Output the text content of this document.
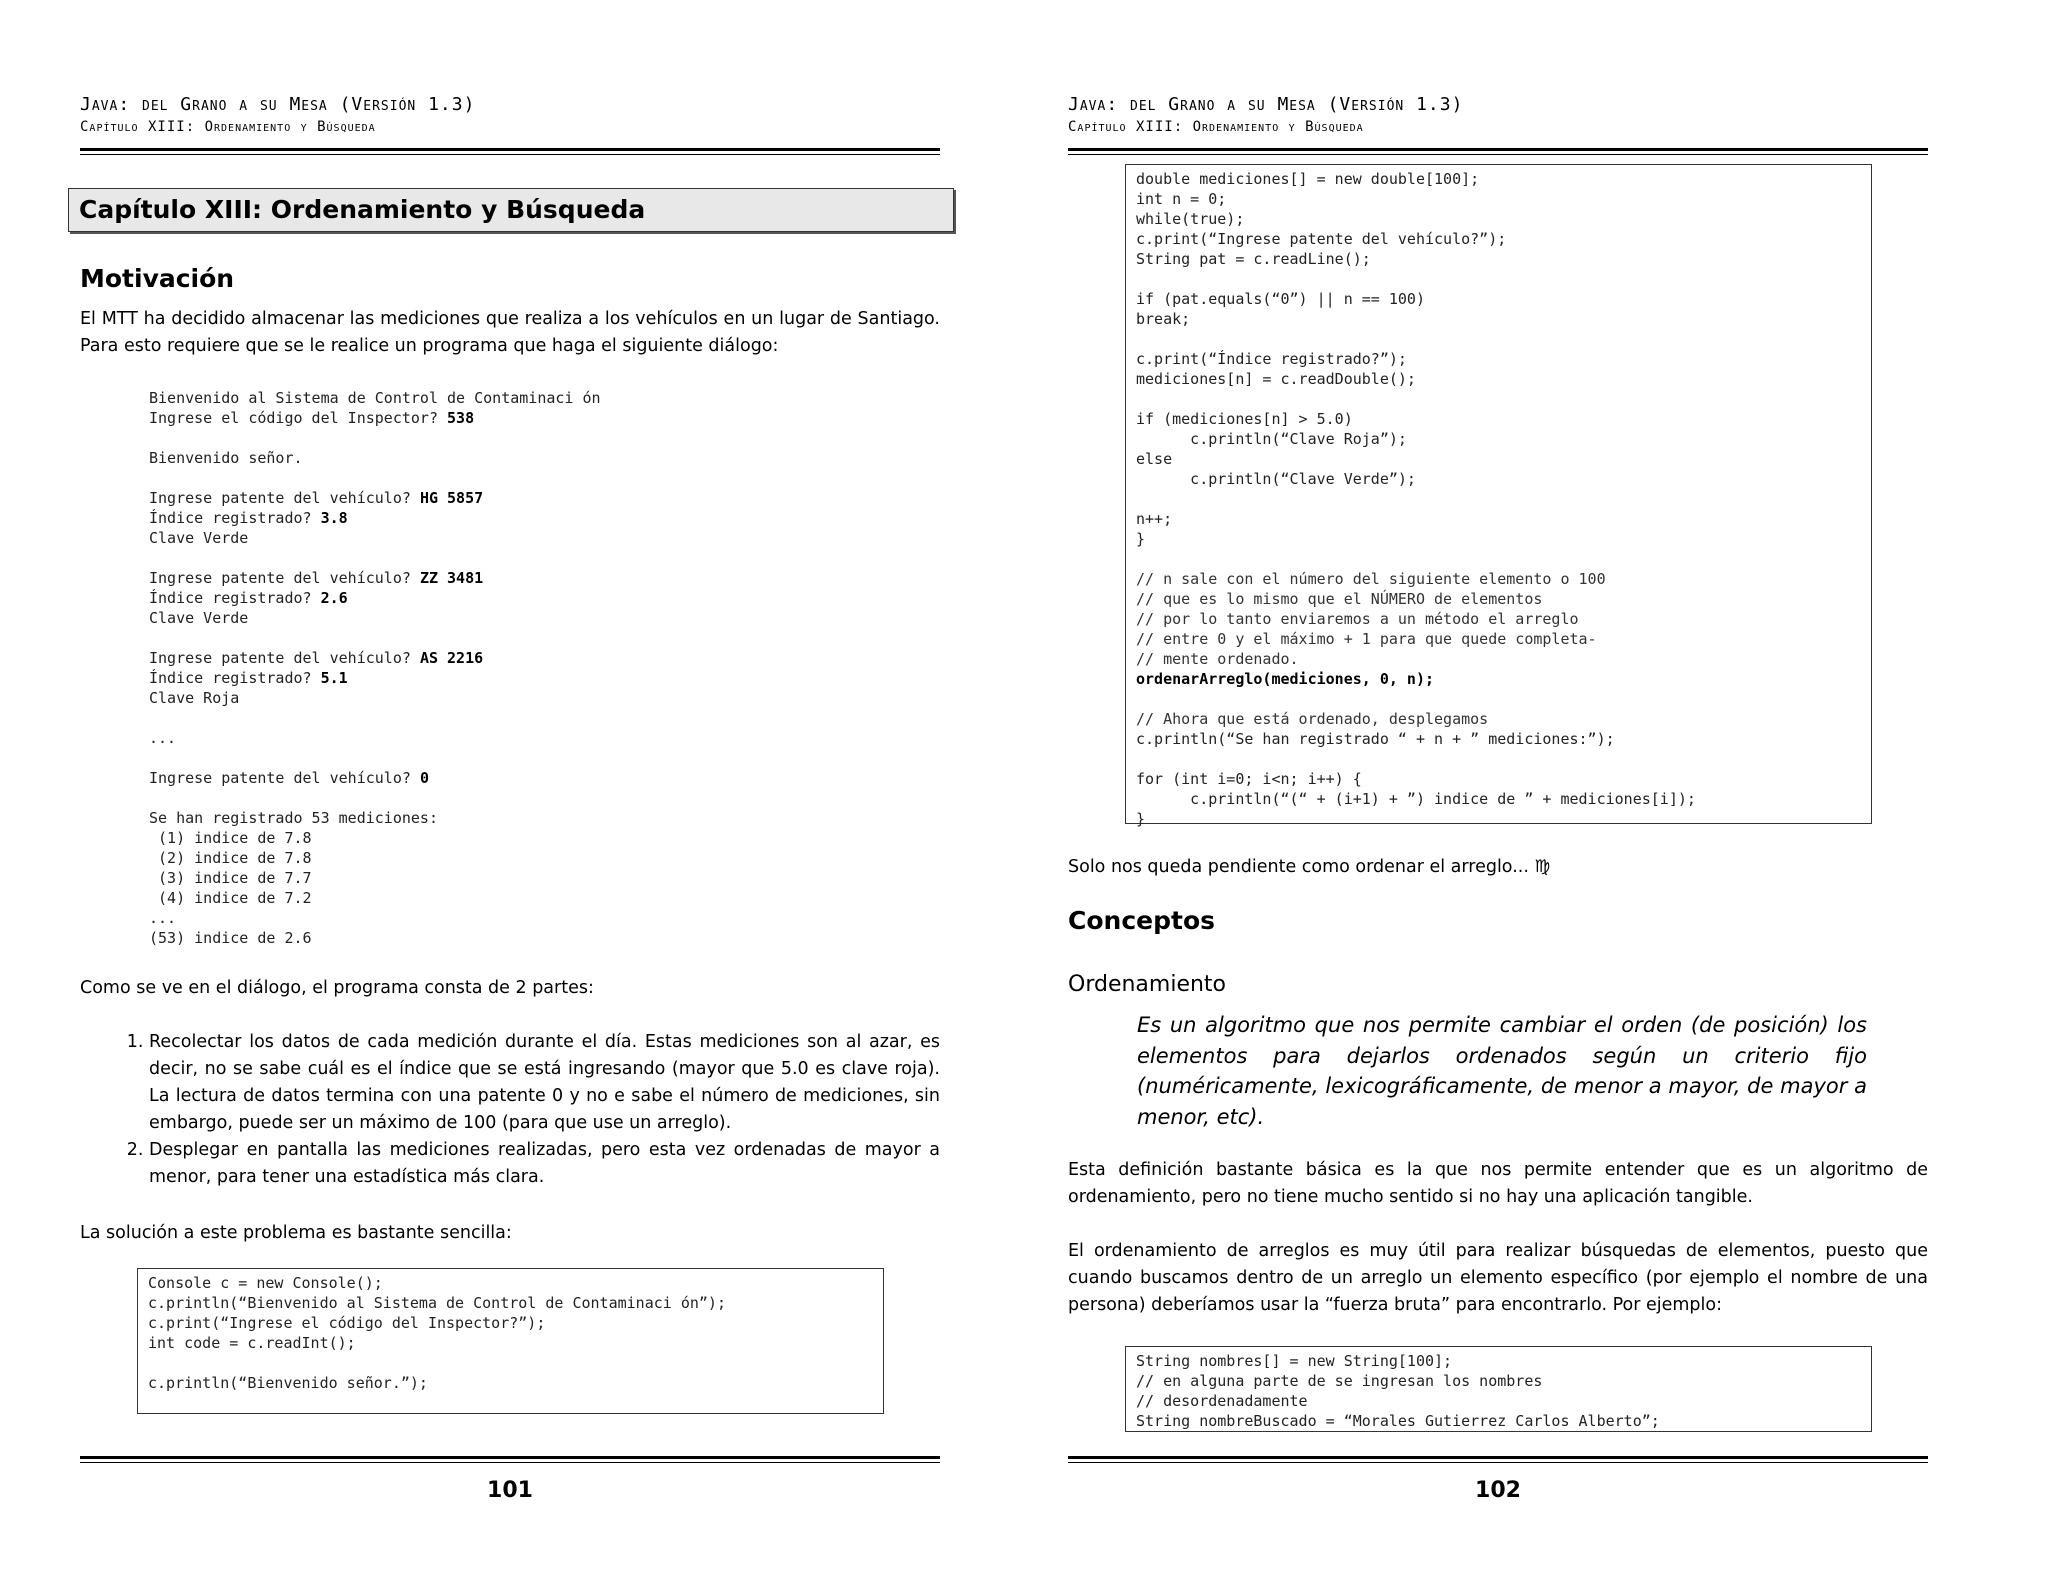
Java: del Grano a su Mesa (Versión 1.3)
Capítulo XIII: Ordenamiento y Búsqueda
Capítulo XIII: Ordenamiento y Búsqueda
Motivación
El MTT ha decidido almacenar las mediciones que realiza a los vehículos en un lugar de Santiago. Para esto requiere que se le realice un programa que haga el siguiente diálogo:
Bienvenido al Sistema de Control de Contaminaci ón
Ingrese el código del Inspector? 538
Bienvenido señor.
Ingrese patente del vehículo? HG 5857
Índice registrado? 3.8
Clave Verde
Ingrese patente del vehículo? ZZ 3481
Índice registrado? 2.6
Clave Verde
Ingrese patente del vehículo? AS 2216
Índice registrado? 5.1
Clave Roja
...
Ingrese patente del vehículo? 0
Se han registrado 53 mediciones:
(1) indice de 7.8
(2) indice de 7.8
(3) indice de 7.7
(4) indice de 7.2
...
(53) indice de 2.6
Como se ve en el diálogo, el programa consta de 2 partes:
1. Recolectar los datos de cada medición durante el día. Estas mediciones son al azar, es decir, no se sabe cuál es el índice que se está ingresando (mayor que 5.0 es clave roja). La lectura de datos termina con una patente 0 y no e sabe el número de mediciones, sin embargo, puede ser un máximo de 100 (para que use un arreglo).
2. Desplegar en pantalla las mediciones realizadas, pero esta vez ordenadas de mayor a menor, para tener una estadística más clara.
La solución a este problema es bastante sencilla:
Console c = new Console();
c.println(“Bienvenido al Sistema de Control de Contaminaci ón”);
c.print(“Ingrese el código del Inspector?”);
int code = c.readInt();
c.println(“Bienvenido señor.”);
101
Java: del Grano a su Mesa (Versión 1.3)
Capítulo XIII: Ordenamiento y Búsqueda
double mediciones[] = new double[100];
int n = 0;
while(true);
c.print(“Ingrese patente del vehículo?”);
String pat = c.readLine();
if (pat.equals(“0”) || n == 100)
break;
c.print(“Índice registrado?”);
mediciones[n] = c.readDouble();
if (mediciones[n] > 5.0)
c.println(“Clave Roja”);
else
c.println(“Clave Verde”);
n++;
}
// n sale con el número del siguiente elemento o 100
// que es lo mismo que el NÚMERO de elementos
// por lo tanto enviaremos a un método el arreglo
// entre 0 y el máximo + 1 para que quede completa-
// mente ordenado.
ordenarArreglo(mediciones, 0, n);
// Ahora que está ordenado, desplegamos
c.println(“Se han registrado “ + n + ” mediciones:”);
for (int i=0; i<n; i++) {
c.println(“(“ + (i+1) + ”) indice de ” + mediciones[i]);
}
Solo nos queda pendiente como ordenar el arreglo... ♍
Conceptos
Ordenamiento
Es un algoritmo que nos permite cambiar el orden (de posición) los elementos para dejarlos ordenados según un criterio fijo (numéricamente, lexicográficamente, de menor a mayor, de mayor a menor, etc).
Esta definición bastante básica es la que nos permite entender que es un algoritmo de ordenamiento, pero no tiene mucho sentido si no hay una aplicación tangible.
El ordenamiento de arreglos es muy útil para realizar búsquedas de elementos, puesto que cuando buscamos dentro de un arreglo un elemento específico (por ejemplo el nombre de una persona) deberíamos usar la “fuerza bruta” para encontrarlo. Por ejemplo:
String nombres[] = new String[100];
// en alguna parte de se ingresan los nombres
// desordenadamente
String nombreBuscado = “Morales Gutierrez Carlos Alberto”;
102
